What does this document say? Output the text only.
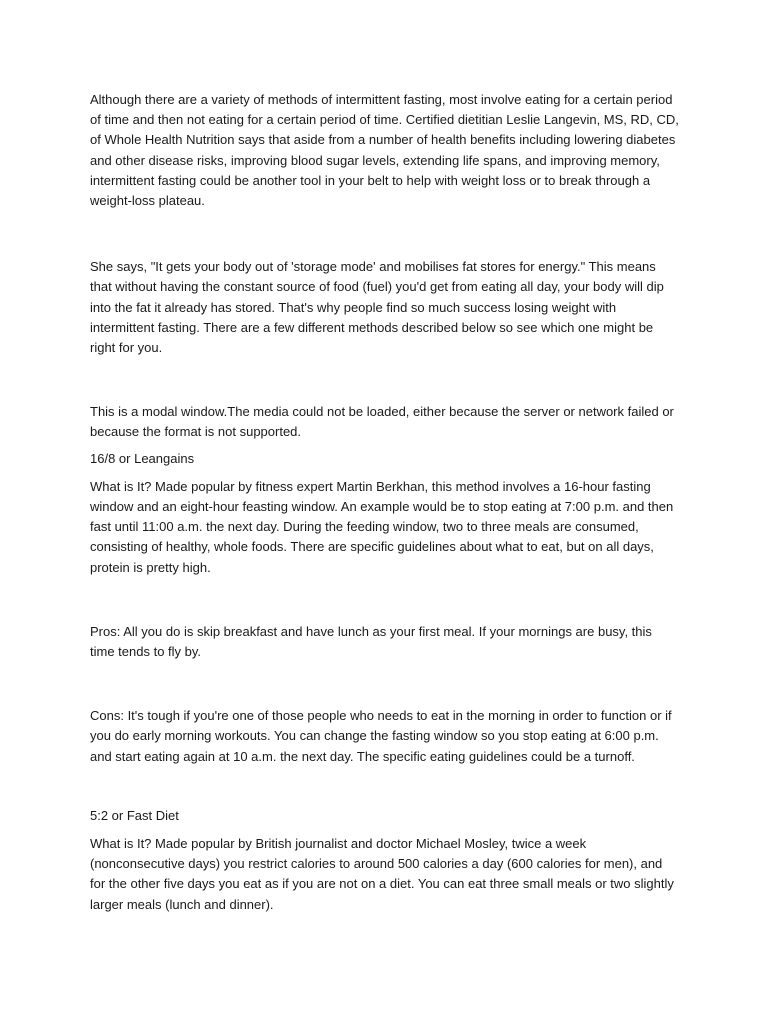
Although there are a variety of methods of intermittent fasting, most involve eating for a certain period of time and then not eating for a certain period of time. Certified dietitian Leslie Langevin, MS, RD, CD, of Whole Health Nutrition says that aside from a number of health benefits including lowering diabetes and other disease risks, improving blood sugar levels, extending life spans, and improving memory, intermittent fasting could be another tool in your belt to help with weight loss or to break through a weight-loss plateau.

She says, "It gets your body out of 'storage mode' and mobilises fat stores for energy." This means that without having the constant source of food (fuel) you'd get from eating all day, your body will dip into the fat it already has stored. That's why people find so much success losing weight with intermittent fasting. There are a few different methods described below so see which one might be right for you.

This is a modal window.The media could not be loaded, either because the server or network failed or because the format is not supported.

16/8 or Leangains

What is It? Made popular by fitness expert Martin Berkhan, this method involves a 16-hour fasting window and an eight-hour feasting window. An example would be to stop eating at 7:00 p.m. and then fast until 11:00 a.m. the next day. During the feeding window, two to three meals are consumed, consisting of healthy, whole foods. There are specific guidelines about what to eat, but on all days, protein is pretty high.

Pros: All you do is skip breakfast and have lunch as your first meal. If your mornings are busy, this time tends to fly by.

Cons: It's tough if you're one of those people who needs to eat in the morning in order to function or if you do early morning workouts. You can change the fasting window so you stop eating at 6:00 p.m. and start eating again at 10 a.m. the next day. The specific eating guidelines could be a turnoff.

5:2 or Fast Diet

What is It? Made popular by British journalist and doctor Michael Mosley, twice a week (nonconsecutive days) you restrict calories to around 500 calories a day (600 calories for men), and for the other five days you eat as if you are not on a diet. You can eat three small meals or two slightly larger meals (lunch and dinner).
